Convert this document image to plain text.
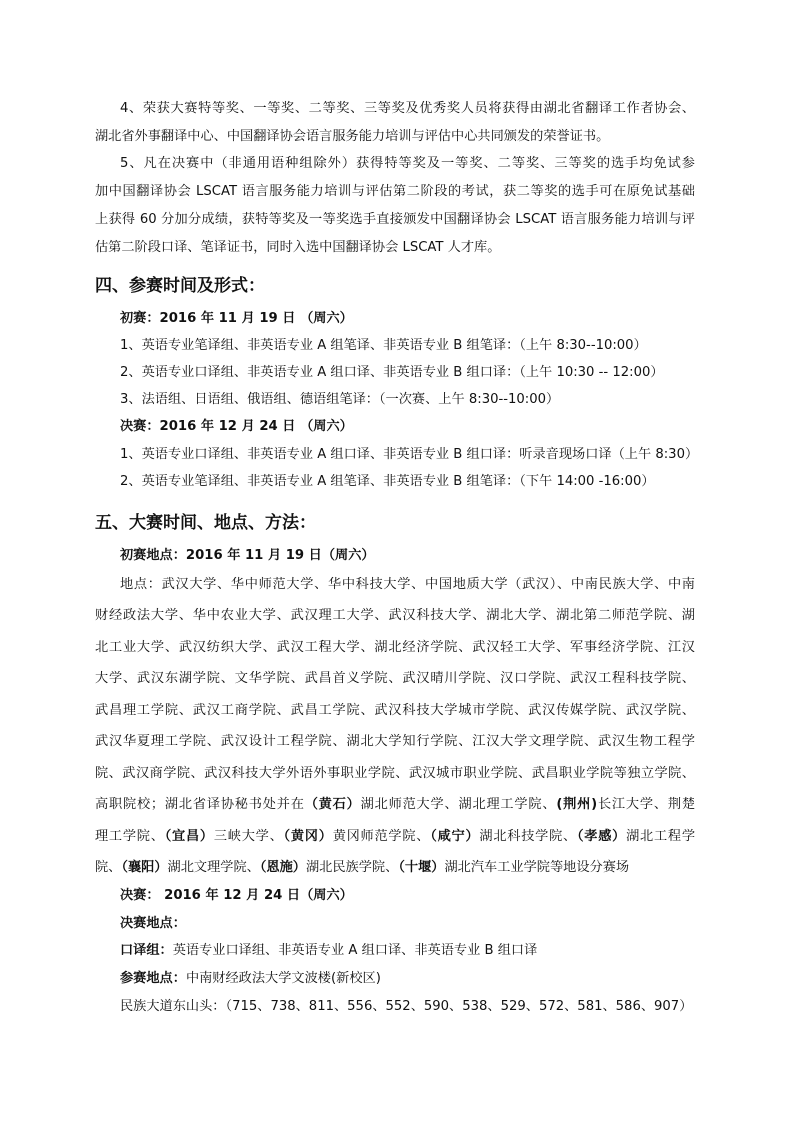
4、荣获大赛特等奖、一等奖、二等奖、三等奖及优秀奖人员将获得由湖北省翻译工作者协会、
湖北省外事翻译中心、中国翻译协会语言服务能力培训与评估中心共同颁发的荣誉证书。
5、凡在决赛中（非通用语种组除外）获得特等奖及一等奖、二等奖、三等奖的选手均免试参
加中国翻译协会 LSCAT 语言服务能力培训与评估第二阶段的考试，获二等奖的选手可在原免试基础
上获得 60 分加分成绩，获特等奖及一等奖选手直接颁发中国翻译协会 LSCAT 语言服务能力培训与评
估第二阶段口译、笔译证书，同时入选中国翻译协会 LSCAT 人才库。
四、参赛时间及形式：
初赛：2016 年 11 月 19 日 （周六）
1、英语专业笔译组、非英语专业 A 组笔译、非英语专业 B 组笔译：（上午 8:30--10:00）
2、英语专业口译组、非英语专业 A 组口译、非英语专业 B 组口译：（上午 10:30 -- 12:00）
3、法语组、日语组、俄语组、德语组笔译：（一次赛、上午 8:30--10:00）
决赛：2016 年 12 月 24 日 （周六）
1、英语专业口译组、非英语专业 A 组口译、非英语专业 B 组口译：听录音现场口译（上午 8:30）
2、英语专业笔译组、非英语专业 A 组笔译、非英语专业 B 组笔译：（下午 14:00 -16:00）
五、大赛时间、地点、方法：
初赛地点：2016 年 11 月 19 日（周六）
地点：武汉大学、华中师范大学、华中科技大学、中国地质大学（武汉）、中南民族大学、中南
财经政法大学、华中农业大学、武汉理工大学、武汉科技大学、湖北大学、湖北第二师范学院、湖
北工业大学、武汉纺织大学、武汉工程大学、湖北经济学院、武汉轻工大学、军事经济学院、江汉
大学、武汉东湖学院、文华学院、武昌首义学院、武汉晴川学院、汉口学院、武汉工程科技学院、
武昌理工学院、武汉工商学院、武昌工学院、武汉科技大学城市学院、武汉传媒学院、武汉学院、
武汉华夏理工学院、武汉设计工程学院、湖北大学知行学院、江汉大学文理学院、武汉生物工程学
院、武汉商学院、武汉科技大学外语外事职业学院、武汉城市职业学院、武昌职业学院等独立学院、
高职院校；湖北省译协秘书处并在（黄石）湖北师范大学、湖北理工学院、(荆州)长江大学、荆楚
理工学院、（宜昌）三峡大学、（黄冈）黄冈师范学院、（咸宁）湖北科技学院、（孝感）湖北工程学
院、（襄阳）湖北文理学院、（恩施）湖北民族学院、（十堰）湖北汽车工业学院等地设分赛场
决赛： 2016 年 12 月 24 日（周六）
决赛地点：
口译组：英语专业口译组、非英语专业 A 组口译、非英语专业 B 组口译
参赛地点：中南财经政法大学文波楼(新校区)
民族大道东山头：（715、738、811、556、552、590、538、529、572、581、586、907）
